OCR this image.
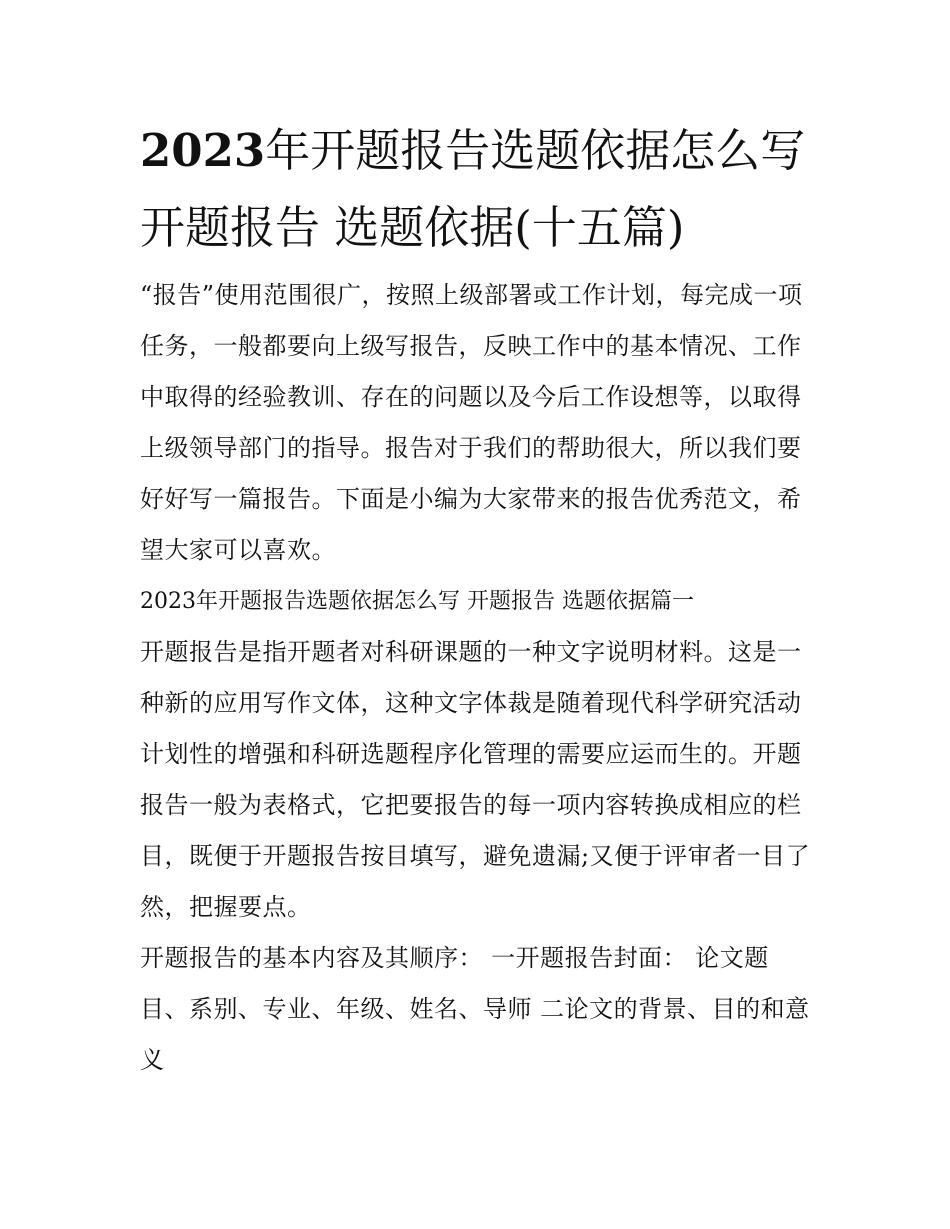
2023年开题报告选题依据怎么写 开题报告 选题依据(十五篇)

“报告”使用范围很广，按照上级部署或工作计划，每完成一项任务，一般都要向上级写报告，反映工作中的基本情况、工作中取得的经验教训、存在的问题以及今后工作设想等，以取得上级领导部门的指导。报告对于我们的帮助很大，所以我们要好好写一篇报告。下面是小编为大家带来的报告优秀范文，希望大家可以喜欢。

2023年开题报告选题依据怎么写 开题报告 选题依据篇一

开题报告是指开题者对科研课题的一种文字说明材料。这是一种新的应用写作文体，这种文字体裁是随着现代科学研究活动计划性的增强和科研选题程序化管理的需要应运而生的。开题报告一般为表格式，它把要报告的每一项内容转换成相应的栏目，既便于开题报告按目填写，避免遗漏;又便于评审者一目了然，把握要点。

开题报告的基本内容及其顺序： 一开题报告封面： 论文题目、系别、专业、年级、姓名、导师 二论文的背景、目的和意义
